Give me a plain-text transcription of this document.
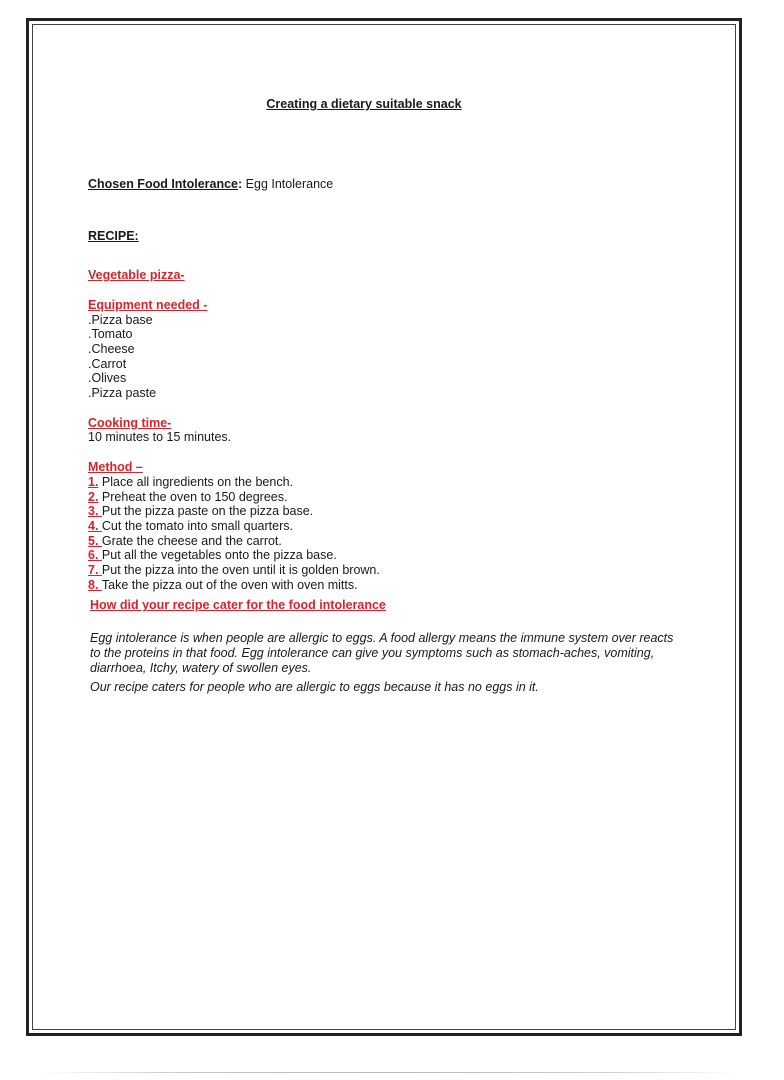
Creating a dietary suitable snack
Chosen Food Intolerance: Egg Intolerance
RECIPE:
Vegetable pizza-
Equipment needed -
.Pizza base
.Tomato
.Cheese
.Carrot
.Olives
.Pizza paste
Cooking time-
10 minutes to 15 minutes.
Method –
1. Place all ingredients on the bench.
2. Preheat the oven to 150 degrees.
3. Put the pizza paste on the pizza base.
4. Cut the tomato into small quarters.
5. Grate the cheese and the carrot.
6. Put all the vegetables onto the pizza base.
7. Put the pizza into the oven until it is golden brown.
8. Take the pizza out of the oven with oven mitts.
How did your recipe cater for the food intolerance

Egg intolerance is when people are allergic to eggs. A food allergy means the immune system over reacts to the proteins in that food. Egg intolerance can give you symptoms such as stomach-aches, vomiting, diarrhoea, Itchy, watery of swollen eyes.

Our recipe caters for people who are allergic to eggs because it has no eggs in it.
